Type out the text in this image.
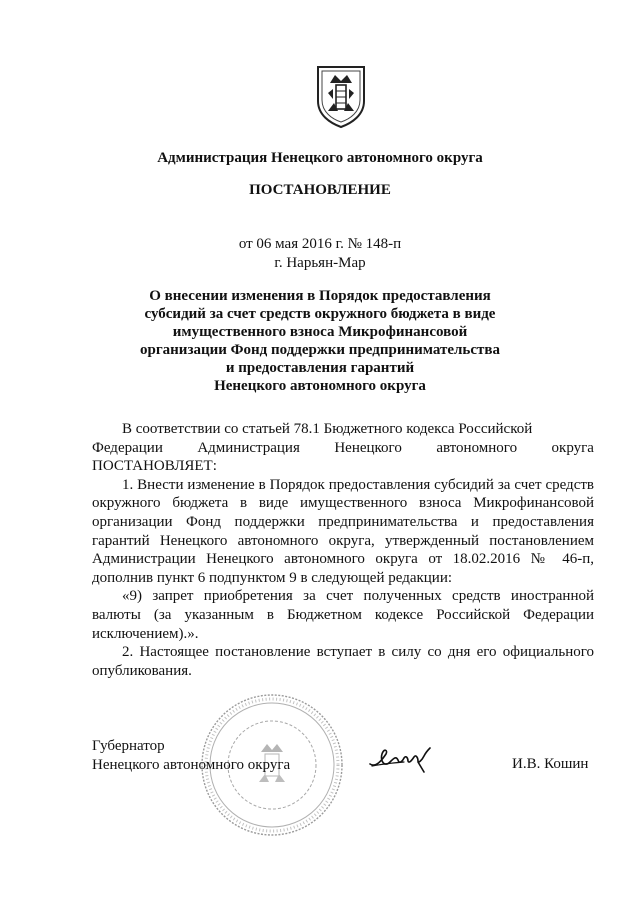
Администрация Ненецкого автономного округа
ПОСТАНОВЛЕНИЕ
от 06 мая 2016 г. № 148-п
г. Нарьян-Мар
О внесении изменения в Порядок предоставления
субсидий за счет средств окружного бюджета в виде
имущественного взноса Микрофинансовой
организации Фонд поддержки предпринимательства
и предоставления гарантий
Ненецкого автономного округа
В соответствии со статьей 78.1 Бюджетного кодекса Российской
Федерации Администрация Ненецкого автономного округа
ПОСТАНОВЛЯЕТ:
1. Внести изменение в Порядок предоставления субсидий за счет средств окружного бюджета в виде имущественного взноса Микрофинансовой организации Фонд поддержки предпринимательства и предоставления гарантий Ненецкого автономного округа, утвержденный постановлением Администрации Ненецкого автономного округа от 18.02.2016 № 46-п, дополнив пункт 6 подпунктом 9 в следующей редакции:
«9) запрет приобретения за счет полученных средств иностранной валюты (за указанным в Бюджетном кодексе Российской Федерации исключением).».
2. Настоящее постановление вступает в силу со дня его официального опубликования.
Губернатор
Ненецкого автономного округа	И.В. Кошин
